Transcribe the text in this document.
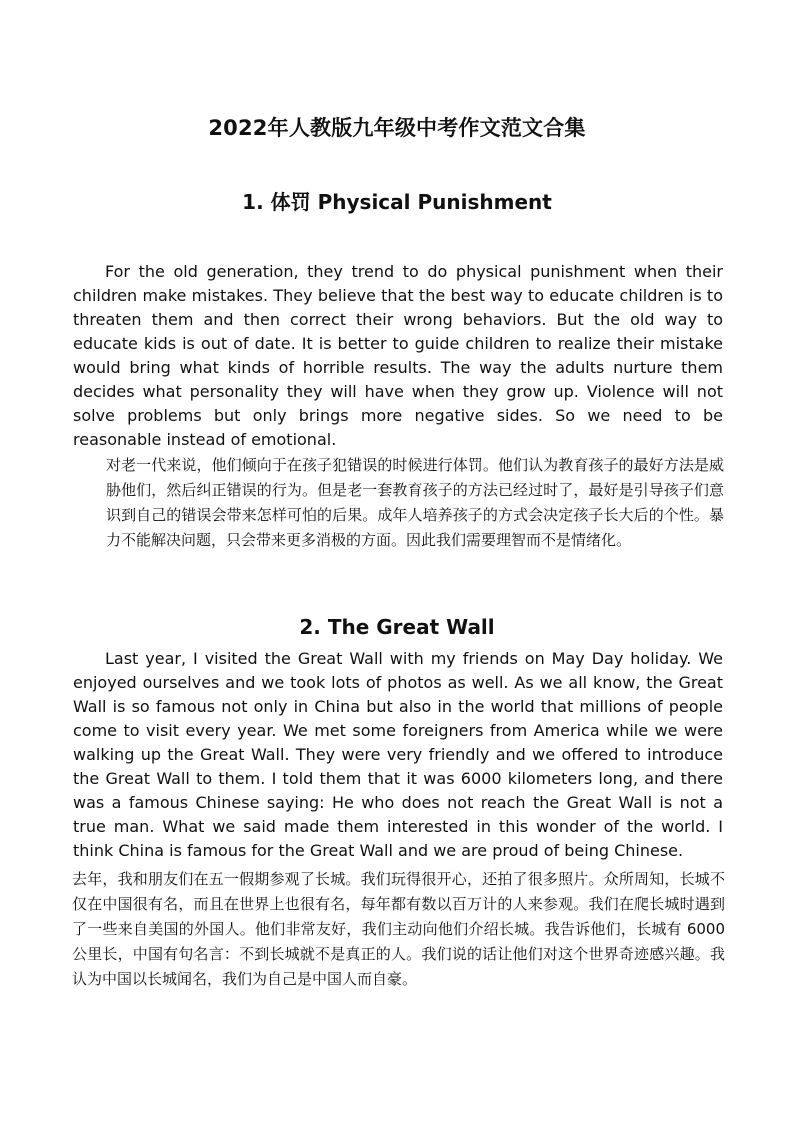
2022年人教版九年级中考作文范文合集
1. 体罚 Physical Punishment

For the old generation, they trend to do physical punishment when their children make mistakes. They believe that the best way to educate children is to threaten them and then correct their wrong behaviors. But the old way to educate kids is out of date. It is better to guide children to realize their mistake would bring what kinds of horrible results. The way the adults nurture them decides what personality they will have when they grow up. Violence will not solve problems but only brings more negative sides. So we need to be reasonable instead of emotional.

对老一代来说，他们倾向于在孩子犯错误的时候进行体罚。他们认为教育孩子的最好方法是威胁他们，然后纠正错误的行为。但是老一套教育孩子的方法已经过时了，最好是引导孩子们意识到自己的错误会带来怎样可怕的后果。成年人培养孩子的方式会决定孩子长大后的个性。暴力不能解决问题，只会带来更多消极的方面。因此我们需要理智而不是情绪化。

2. The Great Wall

Last year, I visited the Great Wall with my friends on May Day holiday. We enjoyed ourselves and we took lots of photos as well. As we all know, the Great Wall is so famous not only in China but also in the world that millions of people come to visit every year. We met some foreigners from America while we were walking up the Great Wall. They were very friendly and we offered to introduce the Great Wall to them. I told them that it was 6000 kilometers long, and there was a famous Chinese saying: He who does not reach the Great Wall is not a true man. What we said made them interested in this wonder of the world. I think China is famous for the Great Wall and we are proud of being Chinese.

去年，我和朋友们在五一假期参观了长城。我们玩得很开心，还拍了很多照片。众所周知，长城不仅在中国很有名，而且在世界上也很有名，每年都有数以百万计的人来参观。我们在爬长城时遇到了一些来自美国的外国人。他们非常友好，我们主动向他们介绍长城。我告诉他们，长城有 6000 公里长，中国有句名言：不到长城就不是真正的人。我们说的话让他们对这个世界奇迹感兴趣。我认为中国以长城闻名，我们为自己是中国人而自豪。
